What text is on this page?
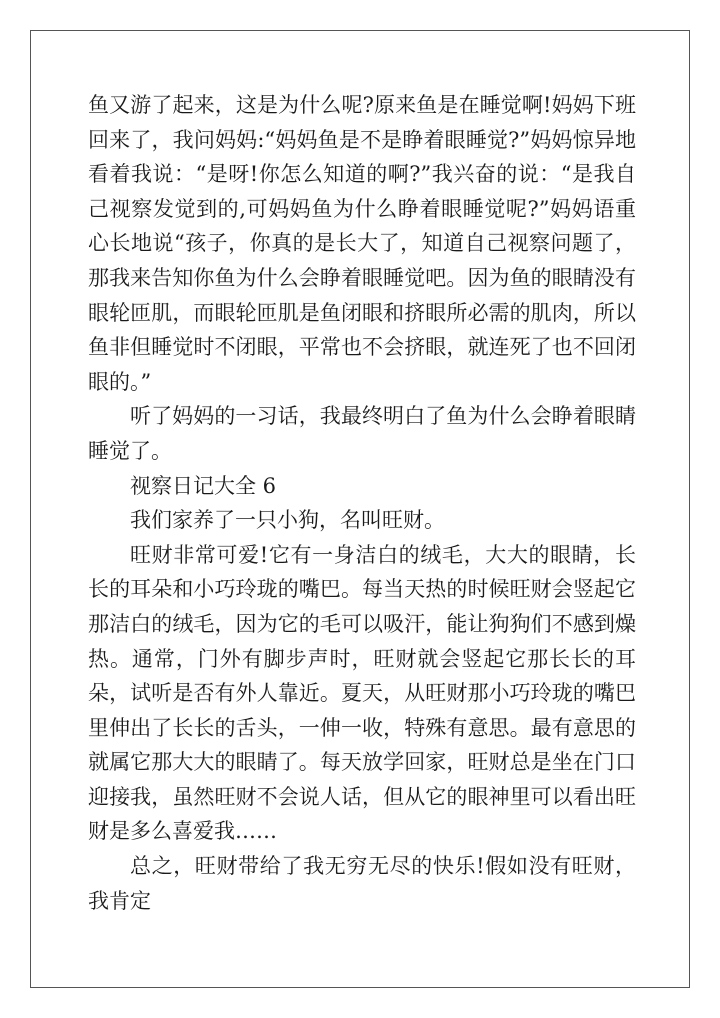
鱼又游了起来，这是为什么呢?原来鱼是在睡觉啊!妈妈下班回来了，我问妈妈:“妈妈鱼是不是睁着眼睡觉?”妈妈惊异地看着我说：“是呀!你怎么知道的啊?”我兴奋的说：“是我自己视察发觉到的,可妈妈鱼为什么睁着眼睡觉呢?”妈妈语重心长地说“孩子，你真的是长大了，知道自己视察问题了，那我来告知你鱼为什么会睁着眼睡觉吧。因为鱼的眼睛没有眼轮匝肌，而眼轮匝肌是鱼闭眼和挤眼所必需的肌肉，所以鱼非但睡觉时不闭眼，平常也不会挤眼，就连死了也不回闭眼的。”

听了妈妈的一习话，我最终明白了鱼为什么会睁着眼睛睡觉了。

视察日记大全 6

我们家养了一只小狗，名叫旺财。

旺财非常可爱!它有一身洁白的绒毛，大大的眼睛，长长的耳朵和小巧玲珑的嘴巴。每当天热的时候旺财会竖起它那洁白的绒毛，因为它的毛可以吸汗，能让狗狗们不感到燥热。通常，门外有脚步声时，旺财就会竖起它那长长的耳朵，试听是否有外人靠近。夏天，从旺财那小巧玲珑的嘴巴里伸出了长长的舌头，一伸一收，特殊有意思。最有意思的就属它那大大的眼睛了。每天放学回家，旺财总是坐在门口迎接我，虽然旺财不会说人话，但从它的眼神里可以看出旺财是多么喜爱我……

总之，旺财带给了我无穷无尽的快乐!假如没有旺财，我肯定
